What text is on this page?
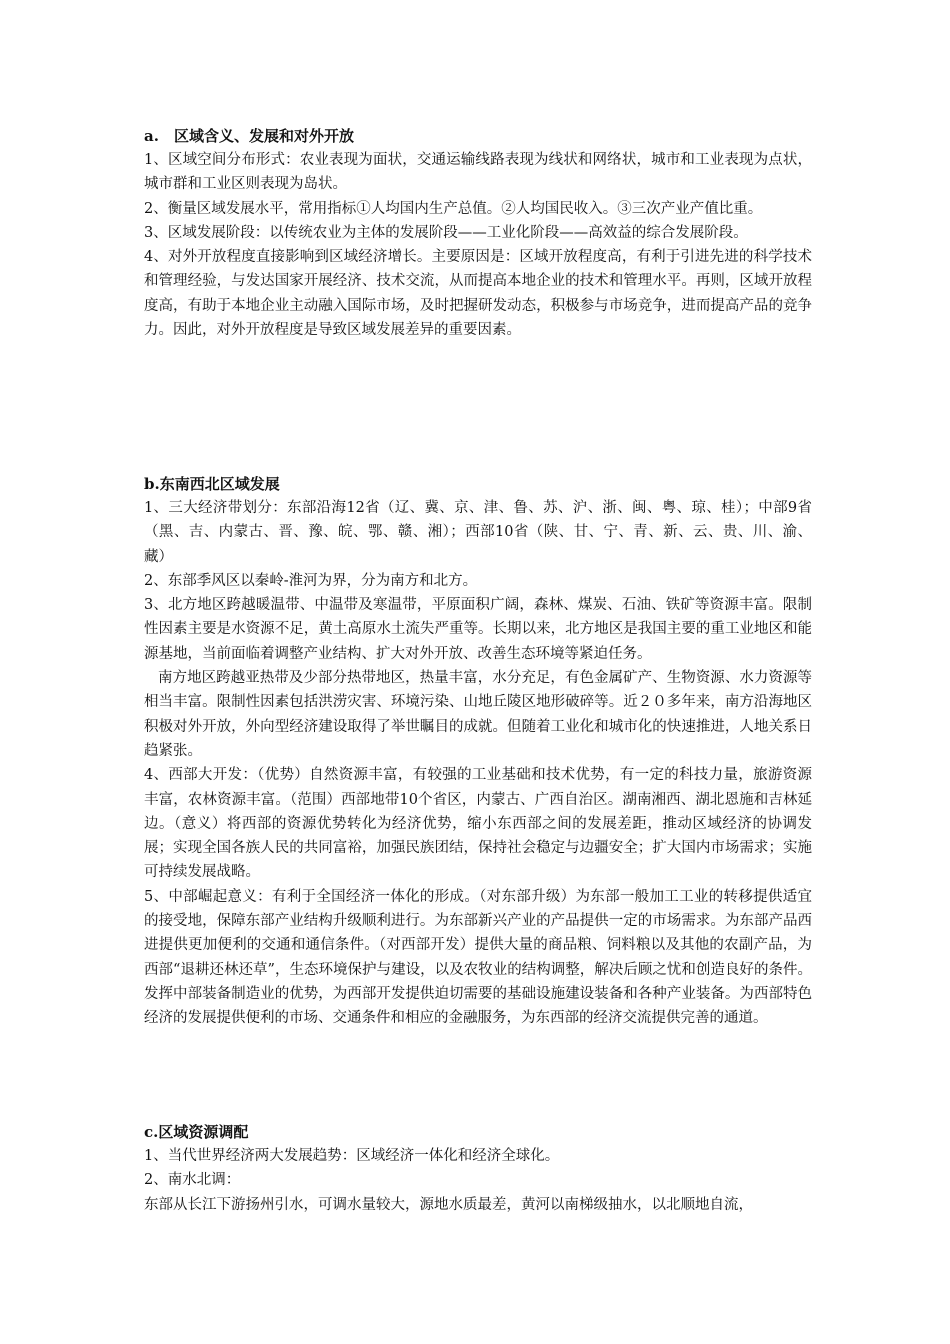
a.　区域含义、发展和对外开放
1、区域空间分布形式：农业表现为面状，交通运输线路表现为线状和网络状，城市和工业表现为点状，城市群和工业区则表现为岛状。
2、衡量区域发展水平，常用指标①人均国内生产总值。②人均国民收入。③三次产业产值比重。
3、区域发展阶段：以传统农业为主体的发展阶段——工业化阶段——高效益的综合发展阶段。
4、对外开放程度直接影响到区域经济增长。主要原因是：区域开放程度高，有利于引进先进的科学技术和管理经验，与发达国家开展经济、技术交流，从而提高本地企业的技术和管理水平。再则，区域开放程度高，有助于本地企业主动融入国际市场，及时把握研发动态，积极参与市场竞争，进而提高产品的竞争力。因此，对外开放程度是导致区域发展差异的重要因素。
b.东南西北区域发展
1、三大经济带划分：东部沿海12省（辽、冀、京、津、鲁、苏、沪、浙、闽、粤、琼、桂）；中部9省（黑、吉、内蒙古、晋、豫、皖、鄂、赣、湘）；西部10省（陕、甘、宁、青、新、云、贵、川、渝、藏）
2、东部季风区以秦岭-淮河为界，分为南方和北方。
3、北方地区跨越暖温带、中温带及寒温带，平原面积广阔，森林、煤炭、石油、铁矿等资源丰富。限制性因素主要是水资源不足，黄土高原水土流失严重等。长期以来，北方地区是我国主要的重工业地区和能源基地，当前面临着调整产业结构、扩大对外开放、改善生态环境等紧迫任务。
南方地区跨越亚热带及少部分热带地区，热量丰富，水分充足，有色金属矿产、生物资源、水力资源等相当丰富。限制性因素包括洪涝灾害、环境污染、山地丘陵区地形破碎等。近２０多年来，南方沿海地区积极对外开放，外向型经济建设取得了举世瞩目的成就。但随着工业化和城市化的快速推进，人地关系日趋紧张。
4、西部大开发：（优势）自然资源丰富，有较强的工业基础和技术优势，有一定的科技力量，旅游资源丰富，农林资源丰富。（范围）西部地带10个省区，内蒙古、广西自治区。湖南湘西、湖北恩施和吉林延边。（意义）将西部的资源优势转化为经济优势，缩小东西部之间的发展差距，推动区域经济的协调发展；实现全国各族人民的共同富裕，加强民族团结，保持社会稳定与边疆安全；扩大国内市场需求；实施可持续发展战略。
5、中部崛起意义：有利于全国经济一体化的形成。（对东部升级）为东部一般加工工业的转移提供适宜的接受地，保障东部产业结构升级顺利进行。为东部新兴产业的产品提供一定的市场需求。为东部产品西进提供更加便利的交通和通信条件。（对西部开发）提供大量的商品粮、饲料粮以及其他的农副产品，为西部“退耕还林还草”，生态环境保护与建设，以及农牧业的结构调整，解决后顾之忧和创造良好的条件。发挥中部装备制造业的优势，为西部开发提供迫切需要的基础设施建设装备和各种产业装备。为西部特色经济的发展提供便利的市场、交通条件和相应的金融服务，为东西部的经济交流提供完善的通道。
c.区域资源调配
1、当代世界经济两大发展趋势：区域经济一体化和经济全球化。
2、南水北调：
东部从长江下游扬州引水，可调水量较大，源地水质最差，黄河以南梯级抽水，以北顺地自流，
